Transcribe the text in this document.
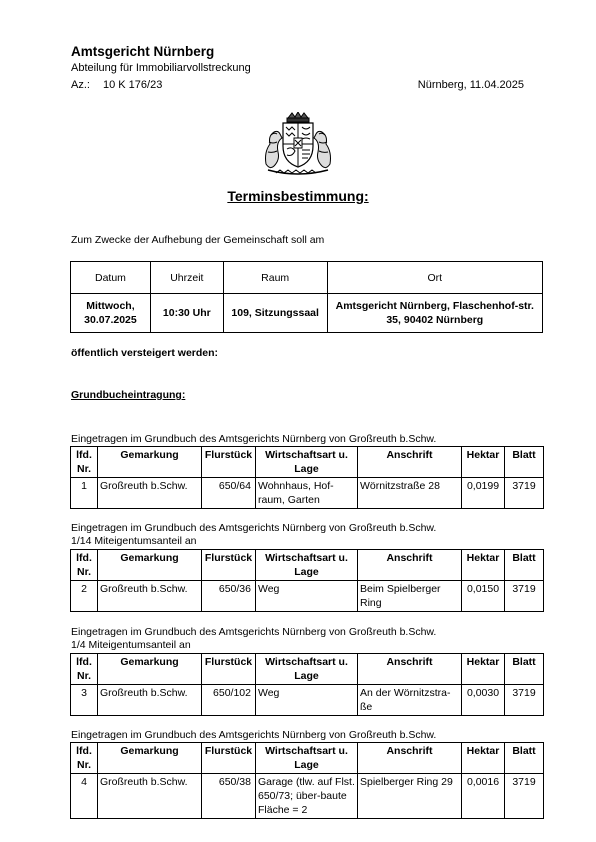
Amtsgericht Nürnberg
Abteilung für Immobiliarvollstreckung
Az.: 10 K 176/23	Nürnberg, 11.04.2025
Terminsbestimmung:
Zum Zwecke der Aufhebung der Gemeinschaft soll am
Datum	Uhrzeit	Raum	Ort
Mittwoch, 30.07.2025	10:30 Uhr	109, Sitzungssaal	Amtsgericht Nürnberg, Flaschenhof-str. 35, 90402 Nürnberg
öffentlich versteigert werden:
Grundbucheintragung:
Eingetragen im Grundbuch des Amtsgerichts Nürnberg von Großreuth b.Schw.
lfd. Nr.	Gemarkung	Flurstück	Wirtschaftsart u. Lage	Anschrift	Hektar	Blatt
1	Großreuth b.Schw.	650/64	Wohnhaus, Hof-raum, Garten	Wörnitzstraße 28	0,0199	3719
Eingetragen im Grundbuch des Amtsgerichts Nürnberg von Großreuth b.Schw.
1/14 Miteigentumsanteil an
lfd. Nr.	Gemarkung	Flurstück	Wirtschaftsart u. Lage	Anschrift	Hektar	Blatt
2	Großreuth b.Schw.	650/36	Weg	Beim Spielberger Ring	0,0150	3719
Eingetragen im Grundbuch des Amtsgerichts Nürnberg von Großreuth b.Schw.
1/4 Miteigentumsanteil an
lfd. Nr.	Gemarkung	Flurstück	Wirtschaftsart u. Lage	Anschrift	Hektar	Blatt
3	Großreuth b.Schw.	650/102	Weg	An der Wörnitzstra-ße	0,0030	3719
Eingetragen im Grundbuch des Amtsgerichts Nürnberg von Großreuth b.Schw.
lfd. Nr.	Gemarkung	Flurstück	Wirtschaftsart u. Lage	Anschrift	Hektar	Blatt
4	Großreuth b.Schw.	650/38	Garage (tlw. auf Flst. 650/73; über-baute Fläche = 2	Spielberger Ring 29	0,0016	3719
